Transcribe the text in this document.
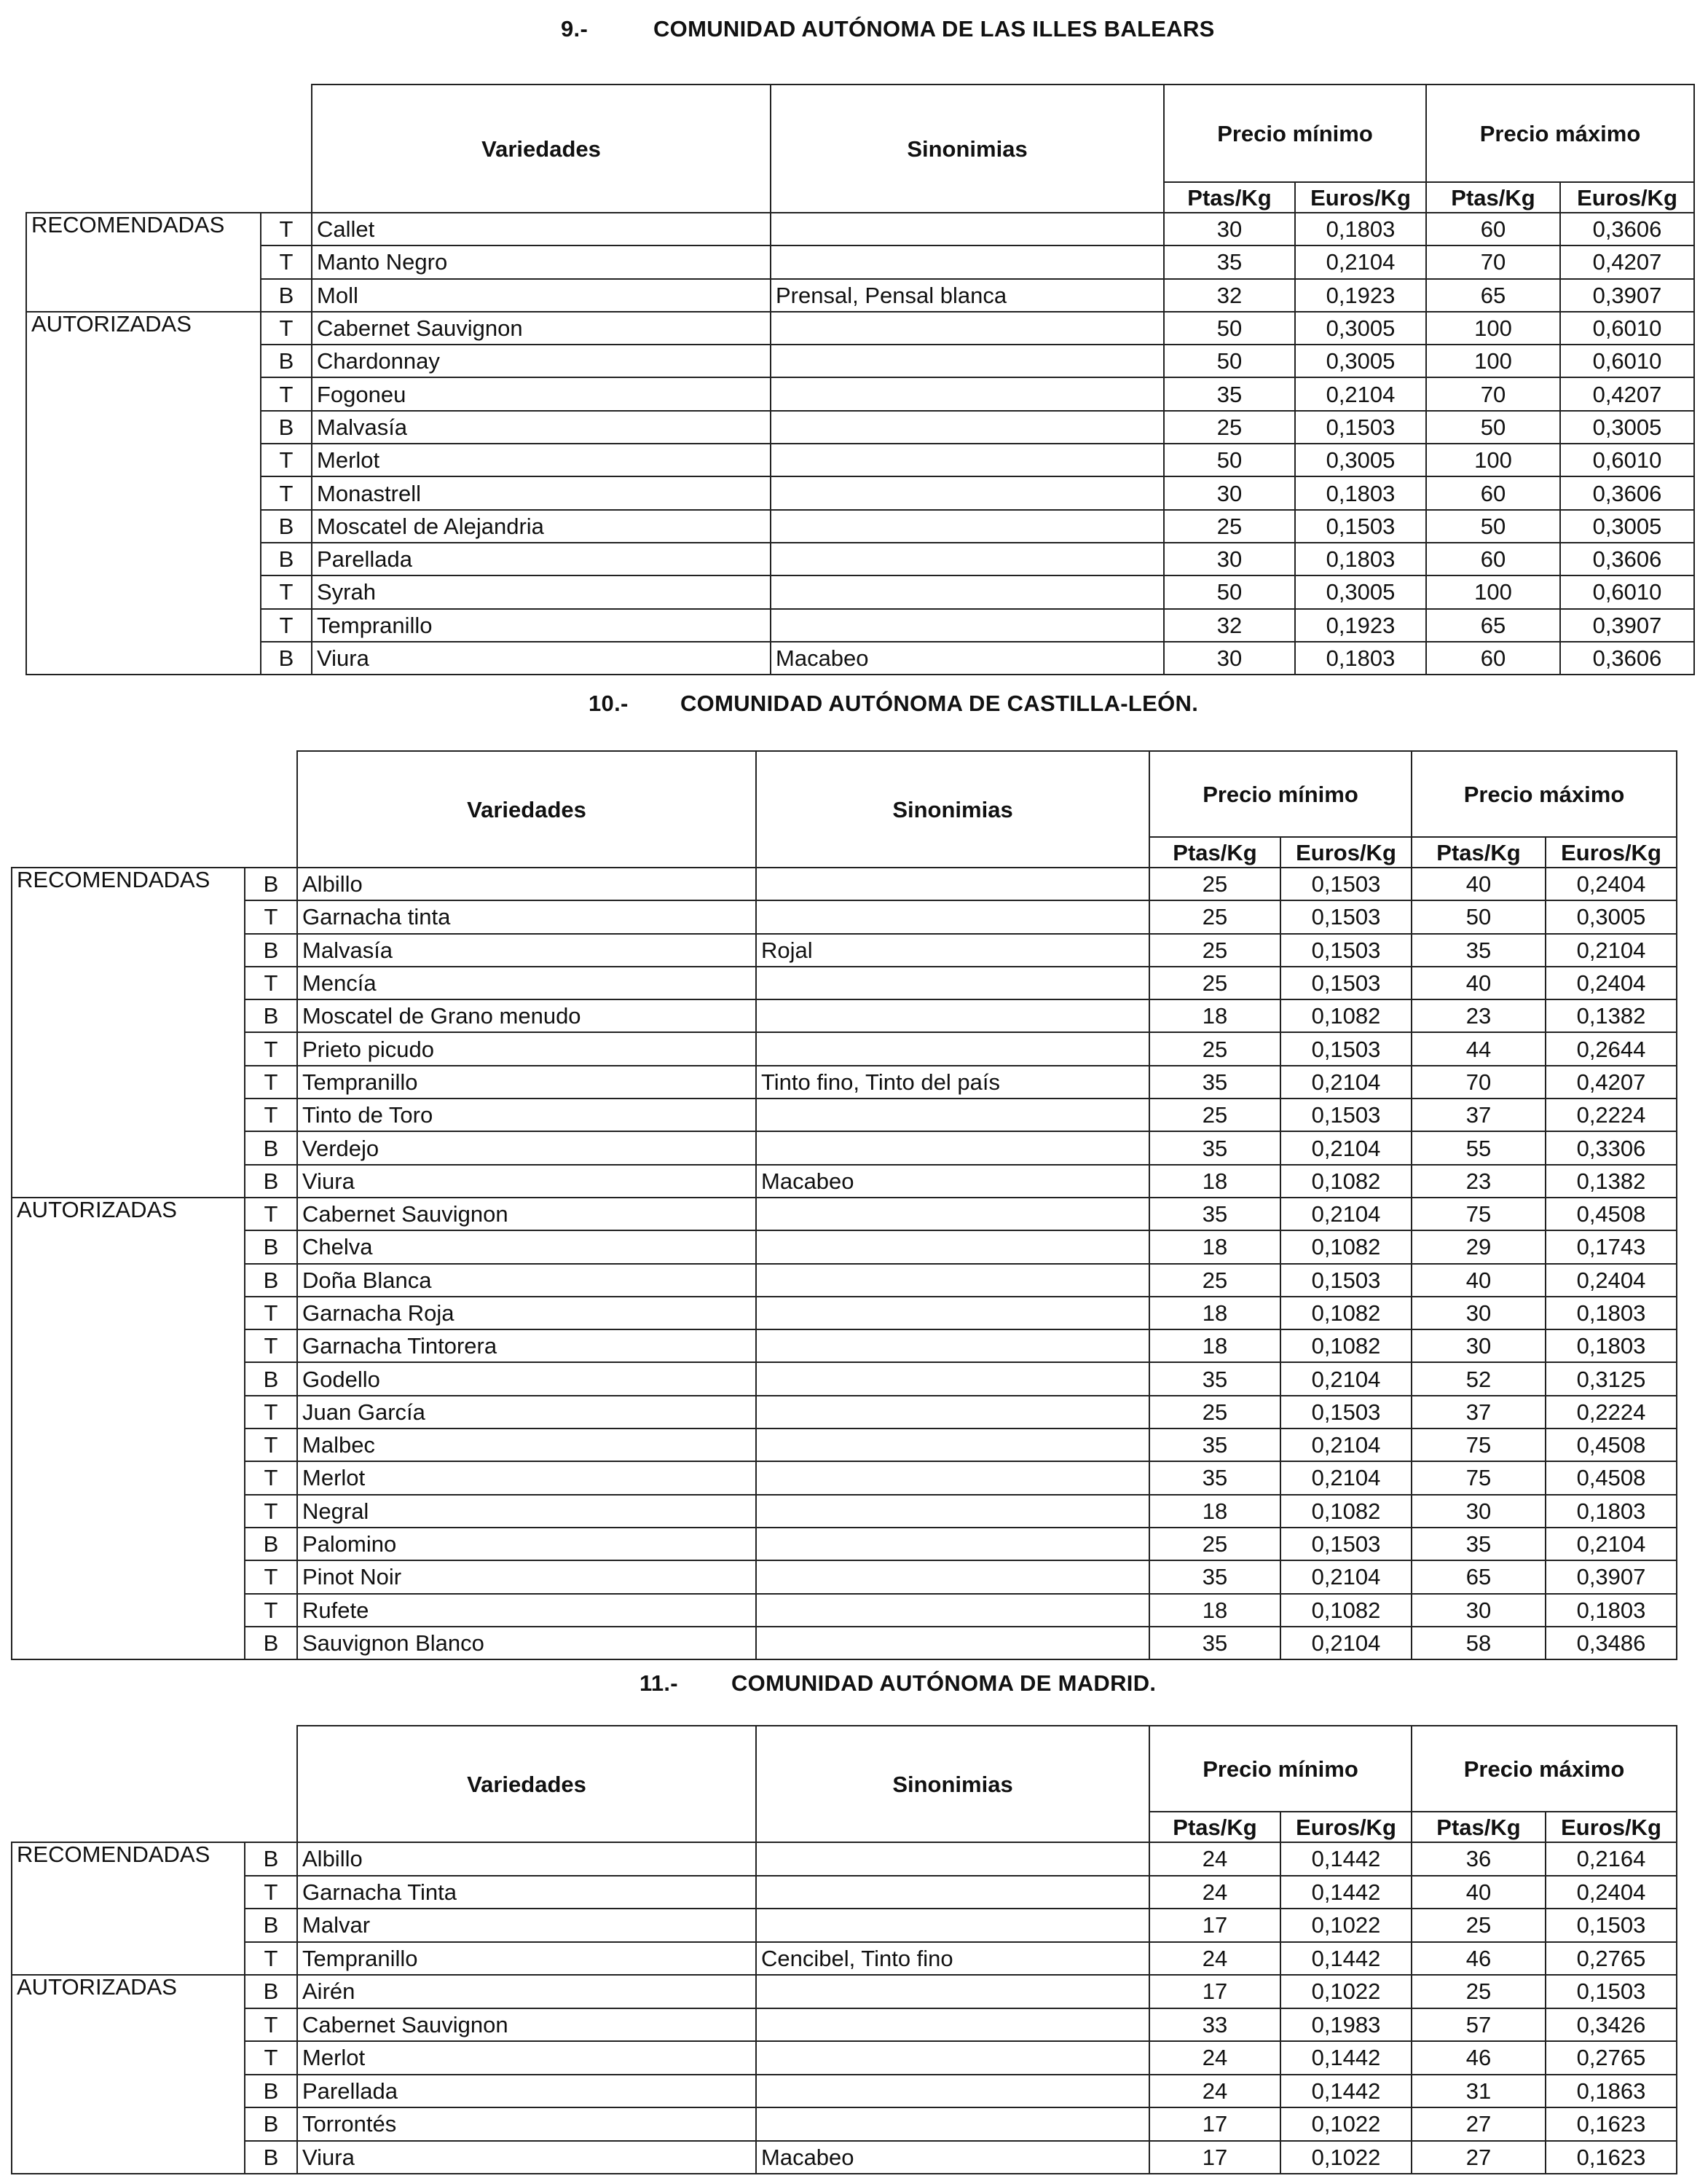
9.-	COMUNIDAD AUTÓNOMA DE LAS ILLES BALEARS
		Variedades	Sinonimias	Precio mínimo		Precio máximo	
				Ptas/Kg	Euros/Kg	Ptas/Kg	Euros/Kg
RECOMENDADAS	T	Callet		30	0,1803	60	0,3606
	T	Manto Negro		35	0,2104	70	0,4207
	B	Moll	Prensal, Pensal blanca	32	0,1923	65	0,3907
AUTORIZADAS	T	Cabernet Sauvignon		50	0,3005	100	0,6010
	B	Chardonnay		50	0,3005	100	0,6010
	T	Fogoneu		35	0,2104	70	0,4207
	B	Malvasía		25	0,1503	50	0,3005
	T	Merlot		50	0,3005	100	0,6010
	T	Monastrell		30	0,1803	60	0,3606
	B	Moscatel de Alejandria		25	0,1503	50	0,3005
	B	Parellada		30	0,1803	60	0,3606
	T	Syrah		50	0,3005	100	0,6010
	T	Tempranillo		32	0,1923	65	0,3907
	B	Viura	Macabeo	30	0,1803	60	0,3606
10.- COMUNIDAD AUTÓNOMA DE CASTILLA-LEÓN.
		Variedades	Sinonimias	Precio mínimo		Precio máximo	
				Ptas/Kg	Euros/Kg	Ptas/Kg	Euros/Kg
RECOMENDADAS	B	Albillo		25	0,1503	40	0,2404
	T	Garnacha tinta		25	0,1503	50	0,3005
	B	Malvasía	Rojal	25	0,1503	35	0,2104
	T	Mencía		25	0,1503	40	0,2404
	B	Moscatel de Grano menudo		18	0,1082	23	0,1382
	T	Prieto picudo		25	0,1503	44	0,2644
	T	Tempranillo	Tinto fino, Tinto del país	35	0,2104	70	0,4207
	T	Tinto de Toro		25	0,1503	37	0,2224
	B	Verdejo		35	0,2104	55	0,3306
	B	Viura	Macabeo	18	0,1082	23	0,1382
AUTORIZADAS	T	Cabernet Sauvignon		35	0,2104	75	0,4508
	B	Chelva		18	0,1082	29	0,1743
	B	Doña Blanca		25	0,1503	40	0,2404
	T	Garnacha Roja		18	0,1082	30	0,1803
	T	Garnacha Tintorera		18	0,1082	30	0,1803
	B	Godello		35	0,2104	52	0,3125
	T	Juan García		25	0,1503	37	0,2224
	T	Malbec		35	0,2104	75	0,4508
	T	Merlot		35	0,2104	75	0,4508
	T	Negral		18	0,1082	30	0,1803
	B	Palomino		25	0,1503	35	0,2104
	T	Pinot Noir		35	0,2104	65	0,3907
	T	Rufete		18	0,1082	30	0,1803
	B	Sauvignon Blanco		35	0,2104	58	0,3486
11.- COMUNIDAD AUTÓNOMA DE MADRID.
		Variedades	Sinonimias	Precio mínimo		Precio máximo	
				Ptas/Kg	Euros/Kg	Ptas/Kg	Euros/Kg
RECOMENDADAS	B	Albillo		24	0,1442	36	0,2164
	T	Garnacha Tinta		24	0,1442	40	0,2404
	B	Malvar		17	0,1022	25	0,1503
	T	Tempranillo	Cencibel, Tinto fino	24	0,1442	46	0,2765
AUTORIZADAS	B	Airén		17	0,1022	25	0,1503
	T	Cabernet Sauvignon		33	0,1983	57	0,3426
	T	Merlot		24	0,1442	46	0,2765
	B	Parellada		24	0,1442	31	0,1863
	B	Torrontés		17	0,1022	27	0,1623
	B	Viura	Macabeo	17	0,1022	27	0,1623
